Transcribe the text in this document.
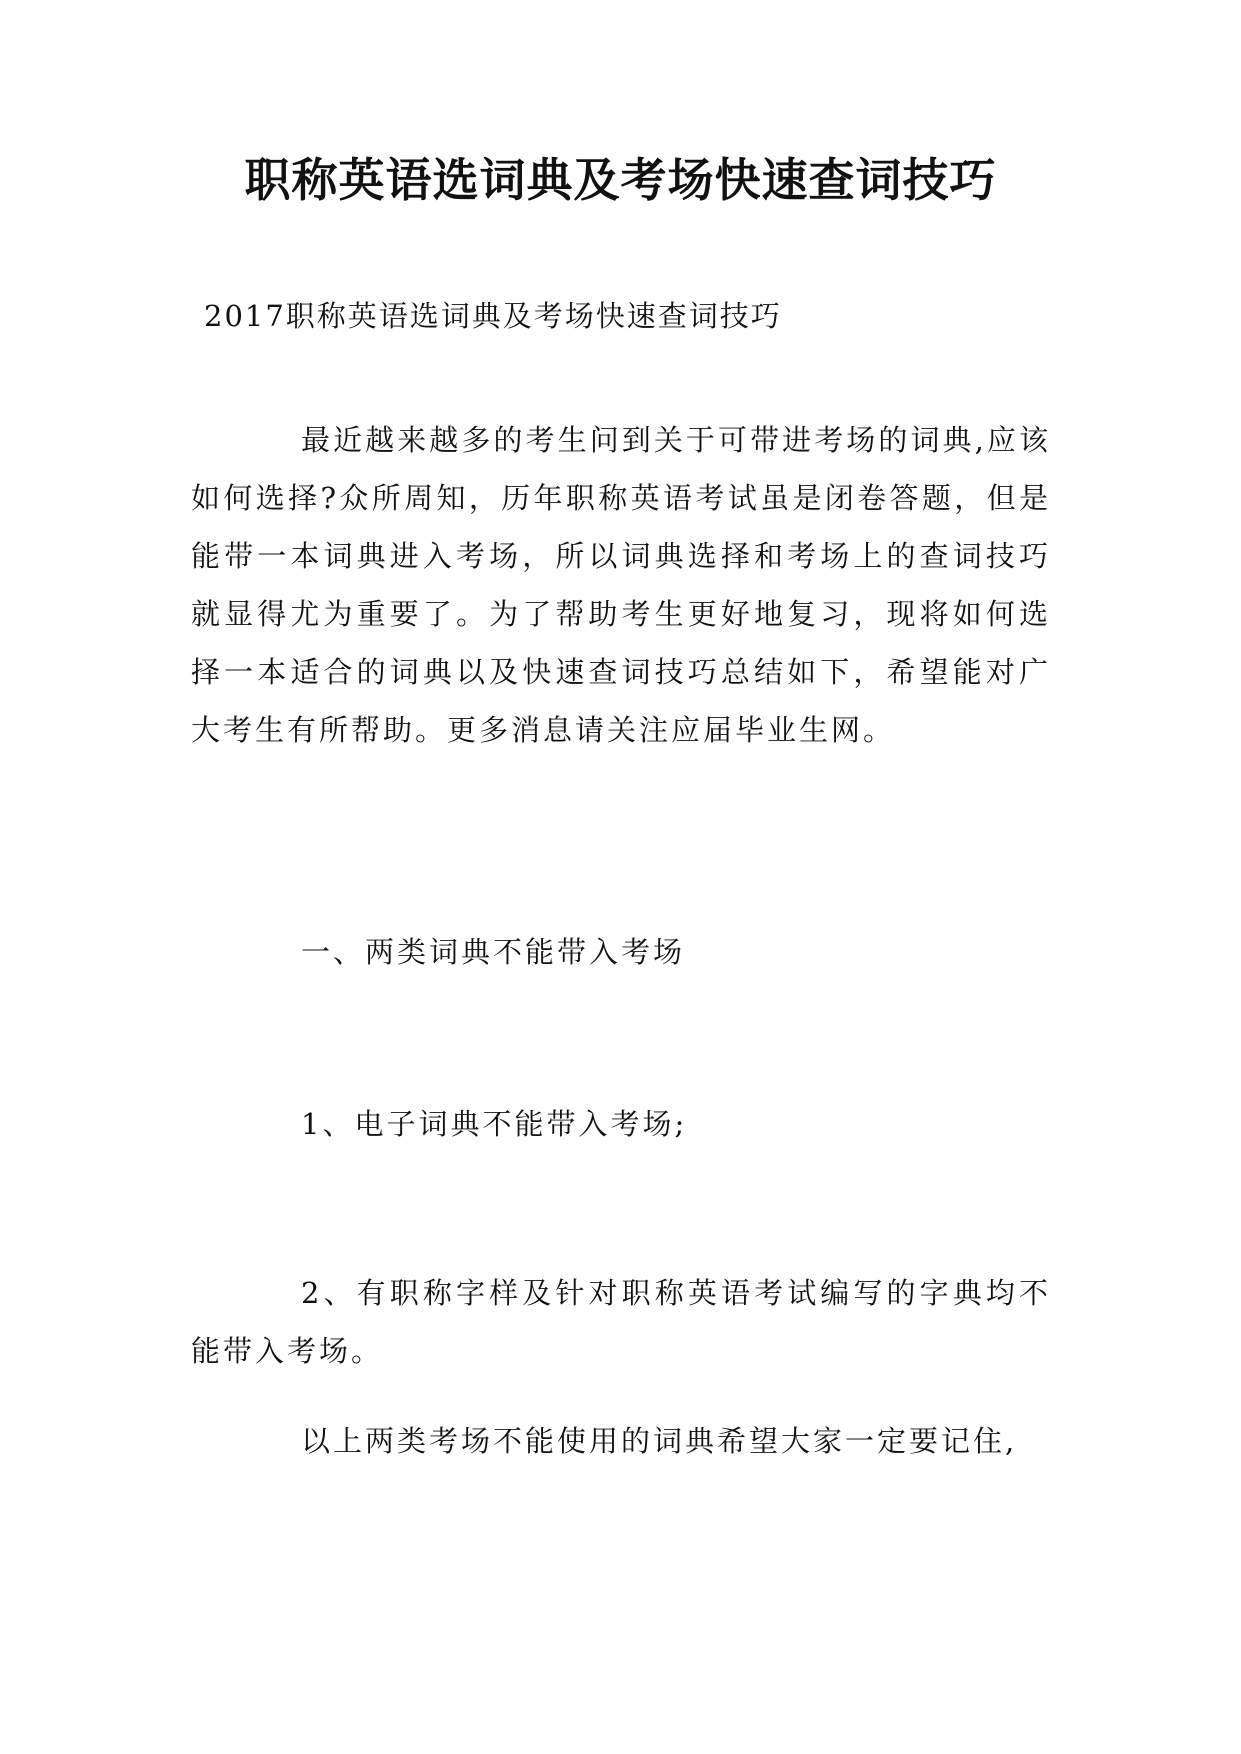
职称英语选词典及考场快速查词技巧
2017职称英语选词典及考场快速查词技巧
最近越来越多的考生问到关于可带进考场的词典,应该如何选择?众所周知，历年职称英语考试虽是闭卷答题，但是能带一本词典进入考场，所以词典选择和考场上的查词技巧就显得尤为重要了。为了帮助考生更好地复习，现将如何选择一本适合的词典以及快速查词技巧总结如下，希望能对广大考生有所帮助。更多消息请关注应届毕业生网。
一、两类词典不能带入考场
1、电子词典不能带入考场;
2、有职称字样及针对职称英语考试编写的字典均不能带入考场。
以上两类考场不能使用的词典希望大家一定要记住,
